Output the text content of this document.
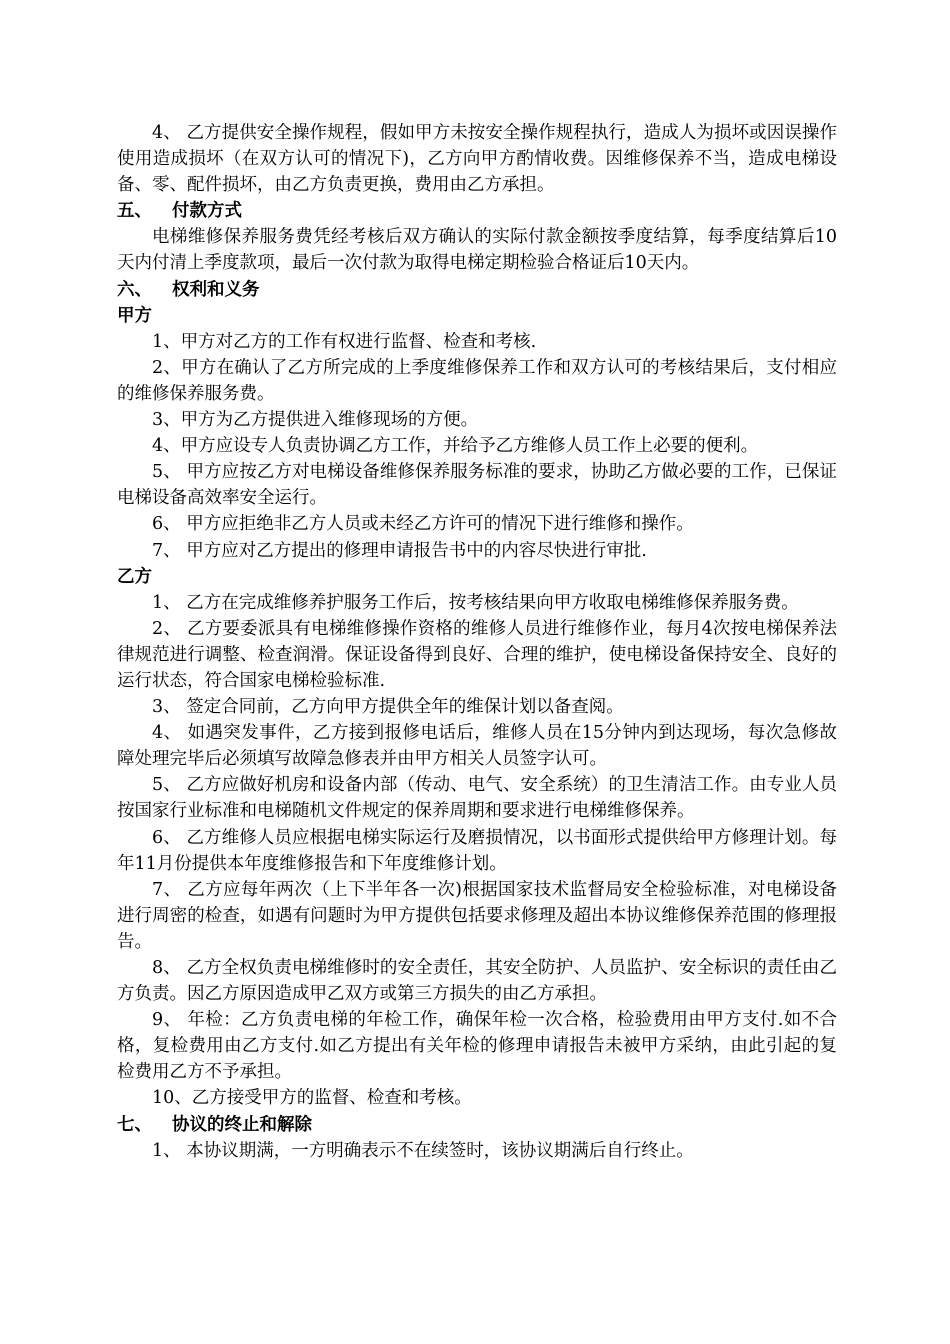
4、 乙方提供安全操作规程，假如甲方未按安全操作规程执行，造成人为损坏或因误操作使用造成损坏（在双方认可的情况下)，乙方向甲方酌情收费。因维修保养不当，造成电梯设备、零、配件损坏，由乙方负责更换，费用由乙方承担。

五、 付款方式

电梯维修保养服务费凭经考核后双方确认的实际付款金额按季度结算，每季度结算后10天内付清上季度款项，最后一次付款为取得电梯定期检验合格证后10天内。

六、 权利和义务

甲方

1、甲方对乙方的工作有权进行监督、检查和考核.

2、甲方在确认了乙方所完成的上季度维修保养工作和双方认可的考核结果后，支付相应的维修保养服务费。

3、甲方为乙方提供进入维修现场的方便。

4、甲方应设专人负责协调乙方工作，并给予乙方维修人员工作上必要的便利。

5、 甲方应按乙方对电梯设备维修保养服务标准的要求，协助乙方做必要的工作，已保证电梯设备高效率安全运行。

6、 甲方应拒绝非乙方人员或未经乙方许可的情况下进行维修和操作。

7、 甲方应对乙方提出的修理申请报告书中的内容尽快进行审批.

乙方

1、 乙方在完成维修养护服务工作后，按考核结果向甲方收取电梯维修保养服务费。

2、 乙方要委派具有电梯维修操作资格的维修人员进行维修作业，每月4次按电梯保养法律规范进行调整、检查润滑。保证设备得到良好、合理的维护，使电梯设备保持安全、良好的运行状态，符合国家电梯检验标准.

3、 签定合同前，乙方向甲方提供全年的维保计划以备查阅。

4、 如遇突发事件，乙方接到报修电话后，维修人员在15分钟内到达现场，每次急修故障处理完毕后必须填写故障急修表并由甲方相关人员签字认可。

5、 乙方应做好机房和设备内部（传动、电气、安全系统）的卫生清洁工作。由专业人员按国家行业标准和电梯随机文件规定的保养周期和要求进行电梯维修保养。

6、 乙方维修人员应根据电梯实际运行及磨损情况，以书面形式提供给甲方修理计划。每年11月份提供本年度维修报告和下年度维修计划。

7、 乙方应每年两次（上下半年各一次)根据国家技术监督局安全检验标准，对电梯设备进行周密的检查，如遇有问题时为甲方提供包括要求修理及超出本协议维修保养范围的修理报告。

8、 乙方全权负责电梯维修时的安全责任，其安全防护、人员监护、安全标识的责任由乙方负责。因乙方原因造成甲乙双方或第三方损失的由乙方承担。

9、 年检：乙方负责电梯的年检工作，确保年检一次合格，检验费用由甲方支付.如不合格，复检费用由乙方支付.如乙方提出有关年检的修理申请报告未被甲方采纳，由此引起的复检费用乙方不予承担。

10、乙方接受甲方的监督、检查和考核。

七、 协议的终止和解除

1、 本协议期满，一方明确表示不在续签时，该协议期满后自行终止。
